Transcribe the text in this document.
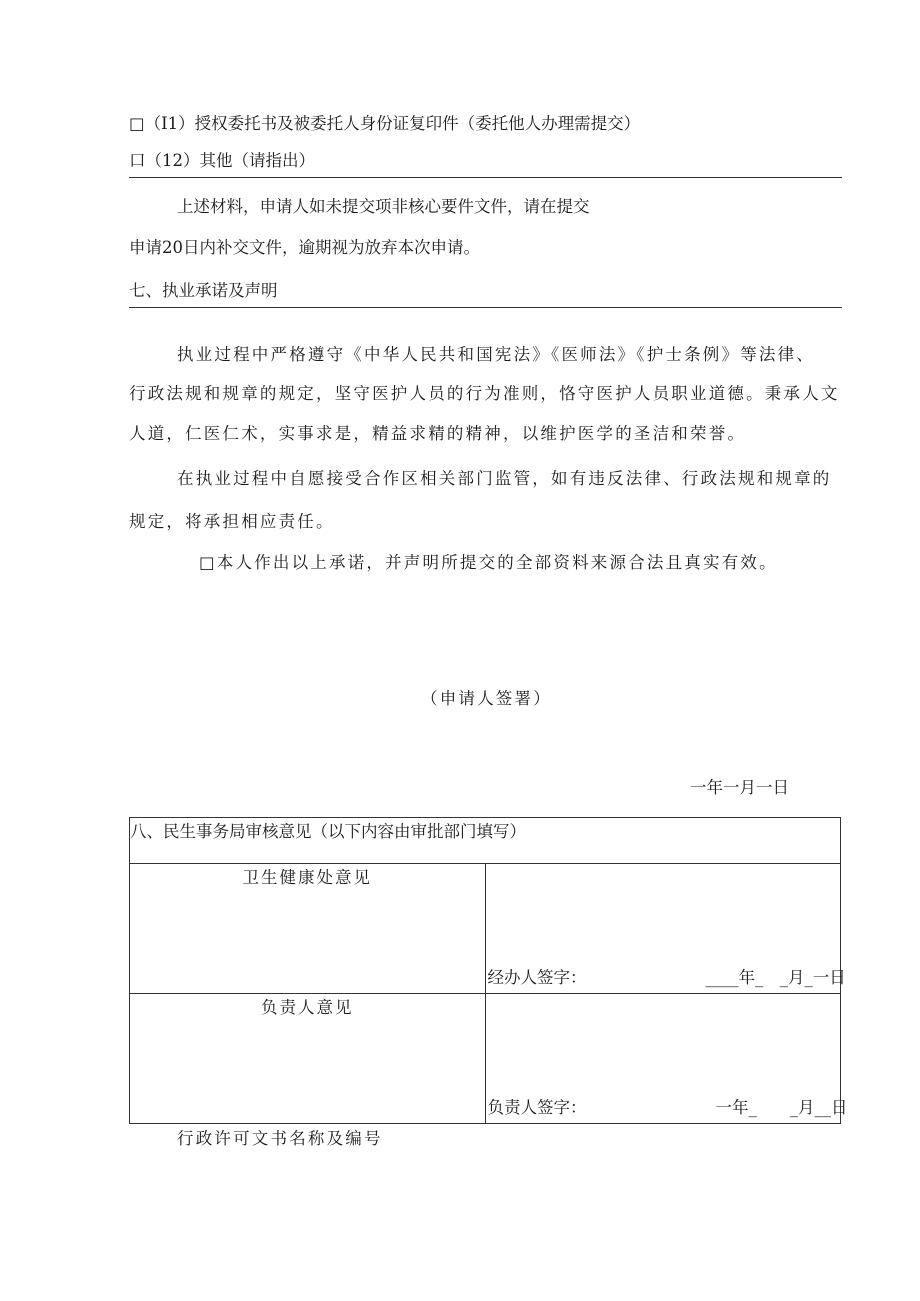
□（I1）授权委托书及被委托人身份证复印件（委托他人办理需提交）
口（12）其他（请指出）
上述材料，申请人如未提交项非核心要件文件，请在提交
申请20日内补交文件，逾期视为放弃本次申请。
七、执业承诺及声明
执业过程中严格遵守《中华人民共和国宪法》《医师法》《护士条例》等法律、
行政法规和规章的规定，坚守医护人员的行为准则，恪守医护人员职业道德。秉承人文
人道，仁医仁术，实事求是，精益求精的精神，以维护医学的圣洁和荣誉。
在执业过程中自愿接受合作区相关部门监管，如有违反法律、行政法规和规章的
规定，将承担相应责任。
□本人作出以上承诺，并声明所提交的全部资料来源合法且真实有效。
（申请人签署）
一年一月一日
八、民生事务局审核意见（以下内容由审批部门填写）	
卫生健康处意见	经办人签字： ____年_　_月_一日

负责人意见	负责人签字： 一年_　　_月__日
行政许可文书名称及编号
